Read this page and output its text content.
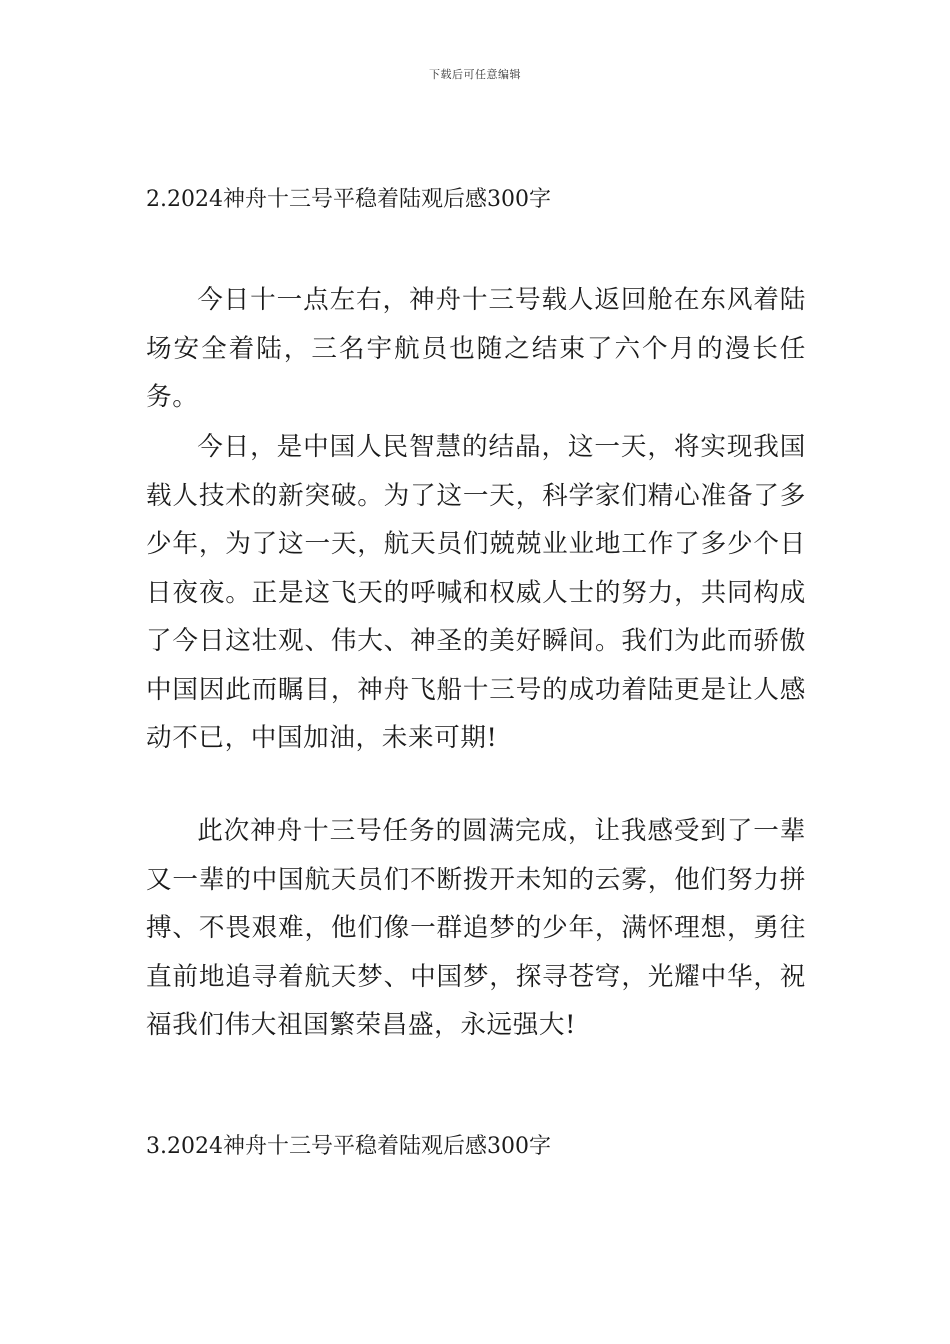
下载后可任意编辑

2.2024神舟十三号平稳着陆观后感300字

今日十一点左右，神舟十三号载人返回舱在东风着陆场安全着陆，三名宇航员也随之结束了六个月的漫长任务。

今日，是中国人民智慧的结晶，这一天，将实现我国载人技术的新突破。为了这一天，科学家们精心准备了多少年，为了这一天，航天员们兢兢业业地工作了多少个日日夜夜。正是这飞天的呼喊和权威人士的努力，共同构成了今日这壮观、伟大、神圣的美好瞬间。我们为此而骄傲中国因此而瞩目，神舟飞船十三号的成功着陆更是让人感动不已，中国加油，未来可期!

此次神舟十三号任务的圆满完成，让我感受到了一辈又一辈的中国航天员们不断拨开未知的云雾，他们努力拼搏、不畏艰难，他们像一群追梦的少年，满怀理想，勇往直前地追寻着航天梦、中国梦，探寻苍穹，光耀中华，祝福我们伟大祖国繁荣昌盛，永远强大!

3.2024神舟十三号平稳着陆观后感300字
